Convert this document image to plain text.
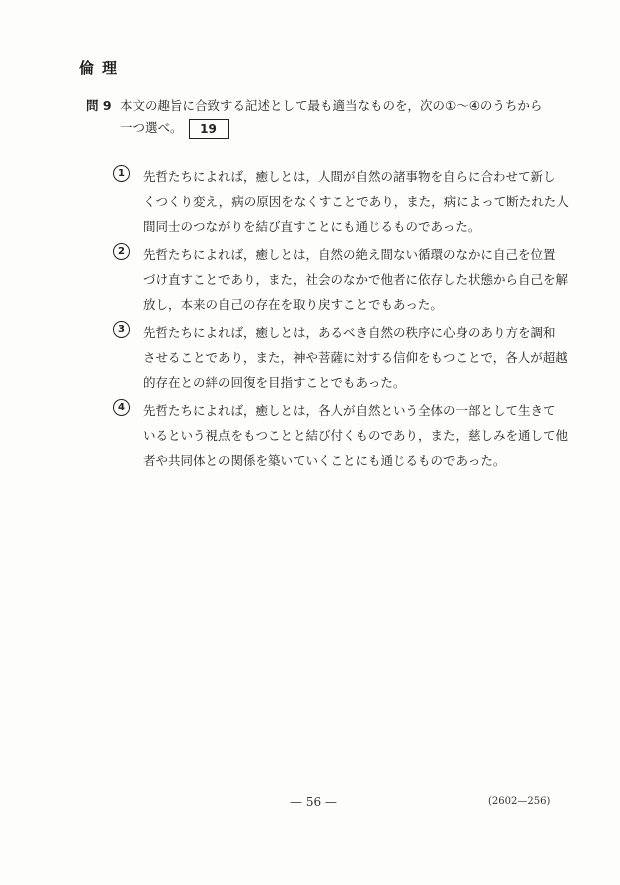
倫理
問 9 本文の趣旨に合致する記述として最も適当なものを，次の①～④のうちから
一つ選べ。 19
1	先哲たちによれば，癒しとは，人間が自然の諸事物を自らに合わせて新し
くつくり変え，病の原因をなくすことであり，また，病によって断たれた人
間同士のつながりを結び直すことにも通じるものであった。
2	先哲たちによれば，癒しとは，自然の絶え間ない循環のなかに自己を位置
づけ直すことであり，また，社会のなかで他者に依存した状態から自己を解
放し，本来の自己の存在を取り戻すことでもあった。
3	先哲たちによれば，癒しとは，あるべき自然の秩序に心身のあり方を調和
させることであり，また，神や菩薩に対する信仰をもつことで，各人が超越
的存在との絆の回復を目指すことでもあった。
4	先哲たちによれば，癒しとは，各人が自然という全体の一部として生きて
いるという視点をもつことと結び付くものであり，また，慈しみを通して他
者や共同体との関係を築いていくことにも通じるものであった。
— 56 —	(2602—256)
